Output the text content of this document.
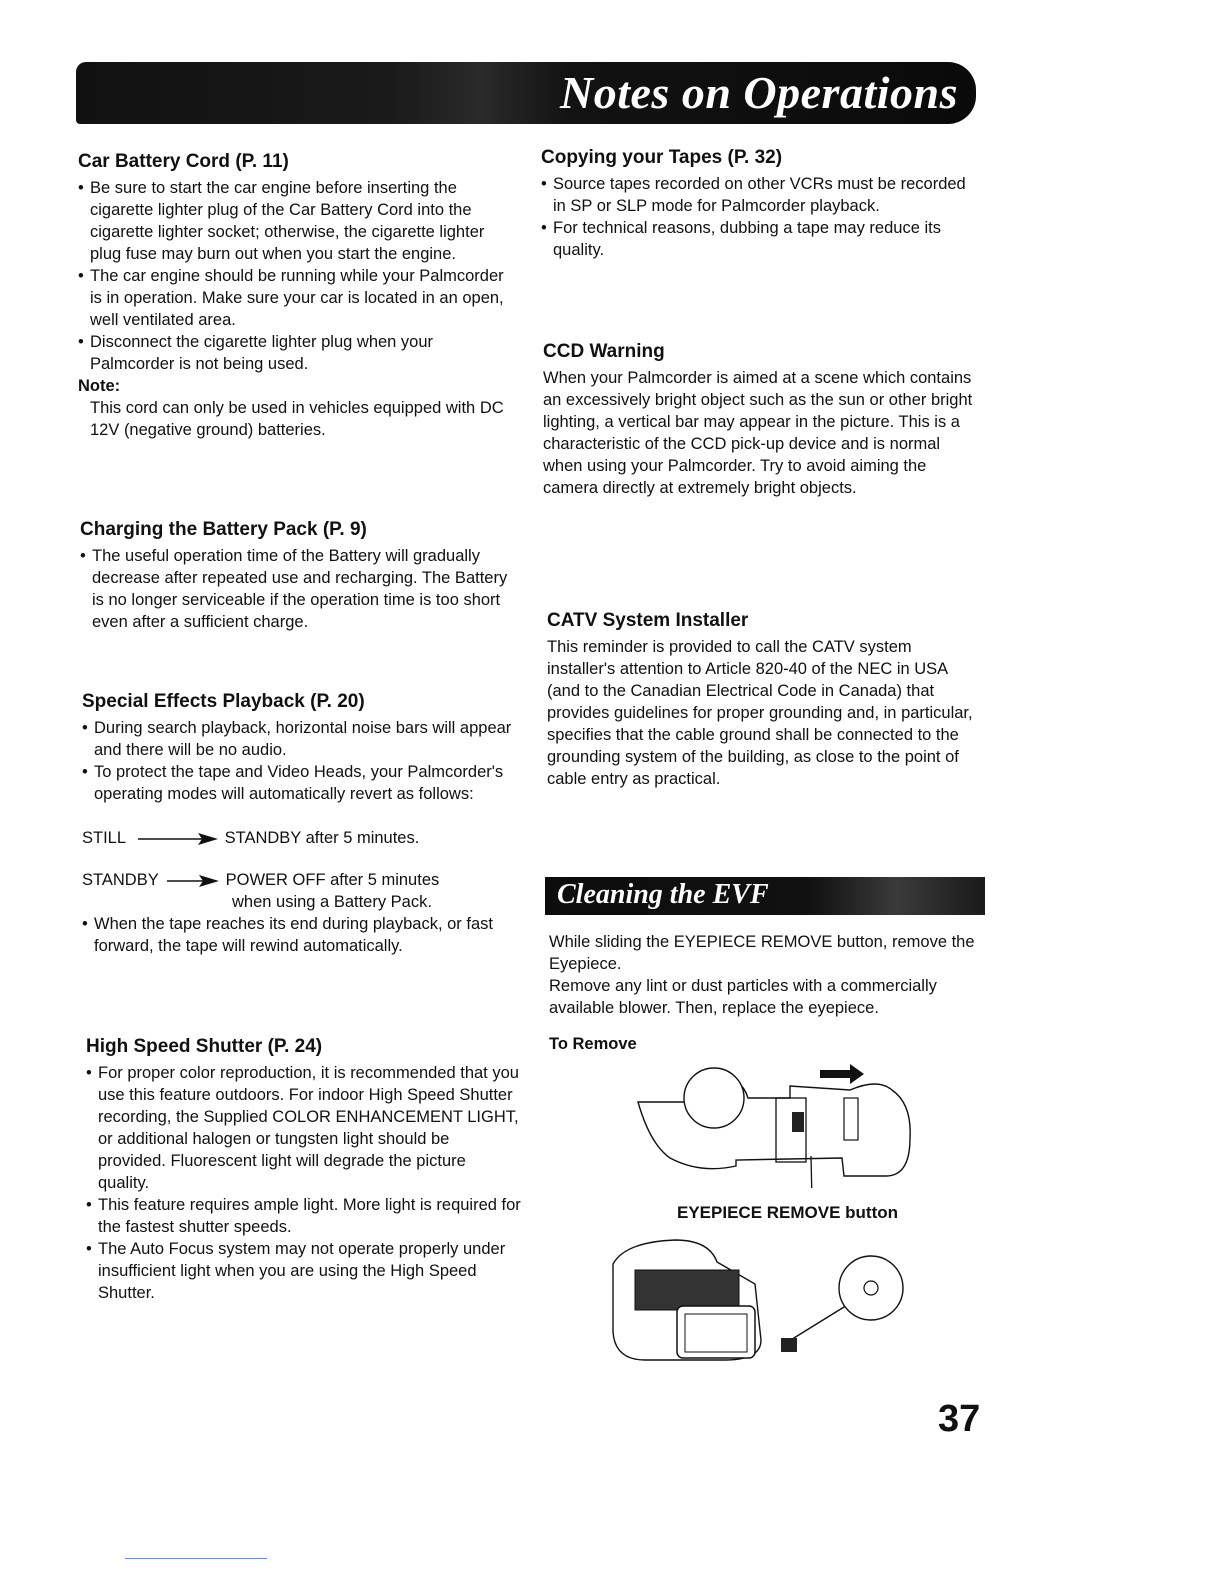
Notes on Operations
Car Battery Cord (P. 11)
• Be sure to start the car engine before inserting the cigarette lighter plug of the Car Battery Cord into the cigarette lighter socket; otherwise, the cigarette lighter plug fuse may burn out when you start the engine.
• The car engine should be running while your Palmcorder is in operation. Make sure your car is located in an open, well ventilated area.
• Disconnect the cigarette lighter plug when your Palmcorder is not being used.
Note:
This cord can only be used in vehicles equipped with DC 12V (negative ground) batteries.
Charging the Battery Pack (P. 9)
• The useful operation time of the Battery will gradually decrease after repeated use and recharging. The Battery is no longer serviceable if the operation time is too short even after a sufficient charge.
Special Effects Playback (P. 20)
• During search playback, horizontal noise bars will appear and there will be no audio.
• To protect the tape and Video Heads, your Palmcorder's operating modes will automatically revert as follows:
STILL	STANDBY after 5 minutes.
STANDBY	POWER OFF after 5 minutes
when using a Battery Pack.
• When the tape reaches its end during playback, or fast forward, the tape will rewind automatically.
High Speed Shutter (P. 24)
• For proper color reproduction, it is recommended that you use this feature outdoors. For indoor High Speed Shutter recording, the Supplied COLOR ENHANCEMENT LIGHT, or additional halogen or tungsten light should be provided. Fluorescent light will degrade the picture quality.
• This feature requires ample light. More light is required for the fastest shutter speeds.
• The Auto Focus system may not operate properly under insufficient light when you are using the High Speed Shutter.
Copying your Tapes (P. 32)
• Source tapes recorded on other VCRs must be recorded in SP or SLP mode for Palmcorder playback.
• For technical reasons, dubbing a tape may reduce its quality.
CCD Warning
When your Palmcorder is aimed at a scene which contains an excessively bright object such as the sun or other bright lighting, a vertical bar may appear in the picture. This is a characteristic of the CCD pick-up device and is normal when using your Palmcorder. Try to avoid aiming the camera directly at extremely bright objects.
CATV System Installer
This reminder is provided to call the CATV system installer's attention to Article 820-40 of the NEC in USA (and to the Canadian Electrical Code in Canada) that provides guidelines for proper grounding and, in particular, specifies that the cable ground shall be connected to the grounding system of the building, as close to the point of cable entry as practical.
Cleaning the EVF
While sliding the EYEPIECE REMOVE button, remove the Eyepiece.
Remove any lint or dust particles with a commercially available blower. Then, replace the eyepiece.
To Remove
EYEPIECE REMOVE button
37
